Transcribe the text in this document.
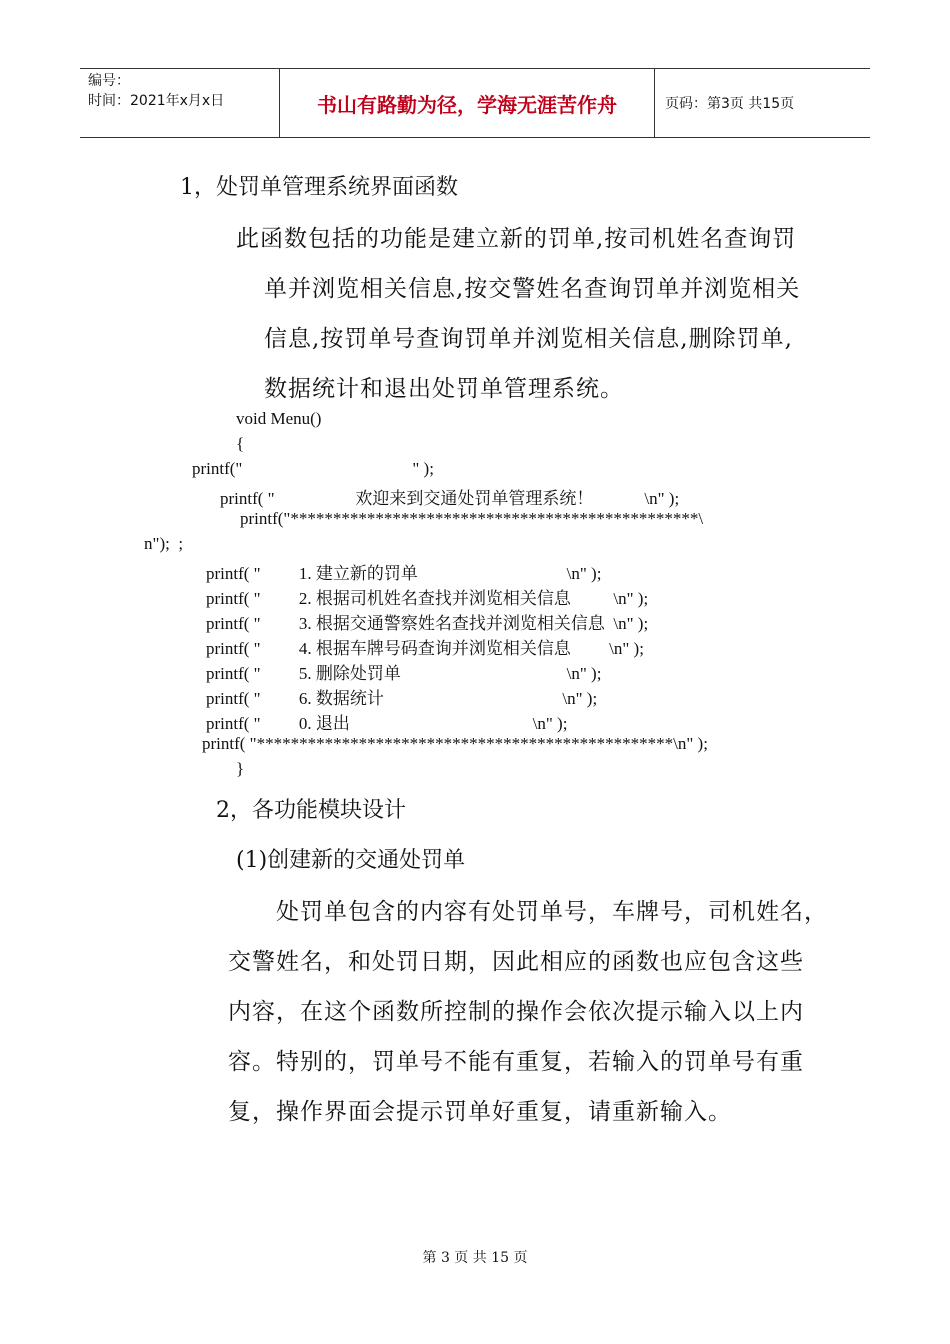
编号：
时间：2021年x月x日	书山有路勤为径，学海无涯苦作舟	页码：第3页 共15页
1，处罚单管理系统界面函数
此函数包括的功能是建立新的罚单,按司机姓名查询罚
单并浏览相关信息,按交警姓名查询罚单并浏览相关
信息,按罚单号查询罚单并浏览相关信息,删除罚单,
数据统计和退出处罚单管理系统。
void Menu()
{
printf("                                        " );
printf( "                   欢迎来到交通处罚单管理系统！            \n" );
printf("************************************************\
n");  ;
printf( "         1. 建立新的罚单                                   \n" );
printf( "         2. 根据司机姓名查找并浏览相关信息          \n" );
printf( "         3. 根据交通警察姓名查找并浏览相关信息  \n" );
printf( "         4. 根据车牌号码查询并浏览相关信息         \n" );
printf( "         5. 删除处罚单                                       \n" );
printf( "         6. 数据统计                                          \n" );
printf( "         0. 退出                                           \n" );
printf( "*************************************************\n" );
}
2，各功能模块设计
(1)创建新的交通处罚单
处罚单包含的内容有处罚单号，车牌号，司机姓名，
交警姓名，和处罚日期，因此相应的函数也应包含这些
内容，在这个函数所控制的操作会依次提示输入以上内
容。特别的，罚单号不能有重复，若输入的罚单号有重
复，操作界面会提示罚单好重复，请重新输入。
第 3 页 共 15 页
